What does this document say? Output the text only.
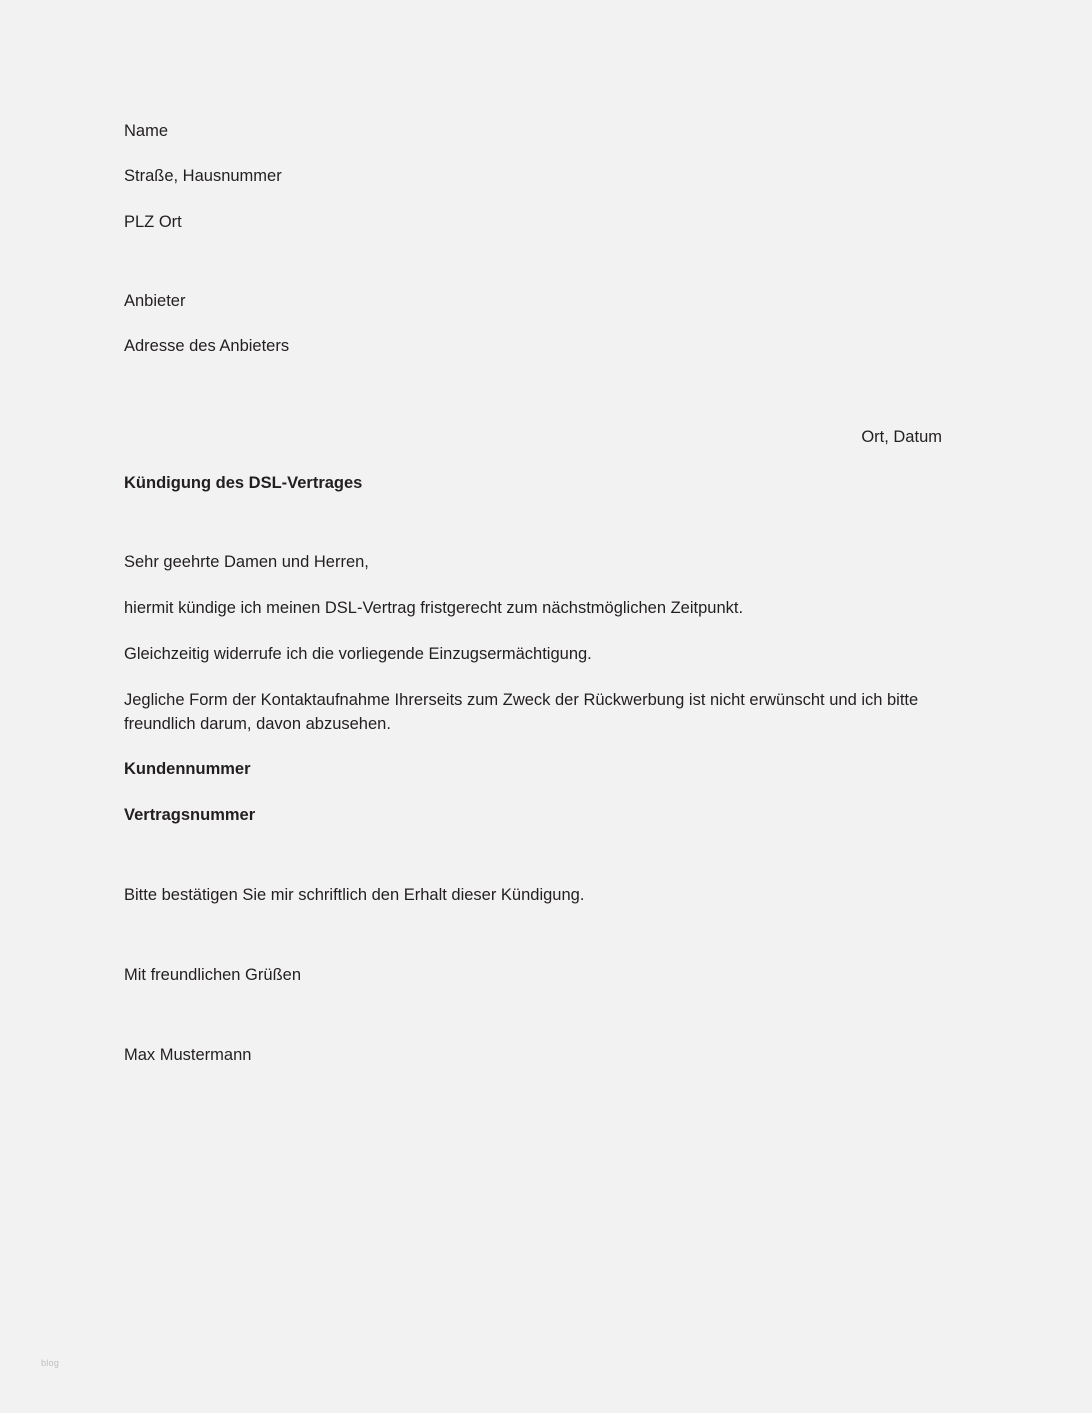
Name
Straße, Hausnummer
PLZ Ort
Anbieter
Adresse des Anbieters
Ort, Datum
Kündigung des DSL-Vertrages
Sehr geehrte Damen und Herren,
hiermit kündige ich meinen DSL-Vertrag fristgerecht zum nächstmöglichen Zeitpunkt.
Gleichzeitig widerrufe ich die vorliegende Einzugsermächtigung.
Jegliche Form der Kontaktaufnahme Ihrerseits zum Zweck der Rückwerbung ist nicht erwünscht und ich bitte freundlich darum, davon abzusehen.
Kundennummer
Vertragsnummer
Bitte bestätigen Sie mir schriftlich den Erhalt dieser Kündigung.
Mit freundlichen Grüßen
Max Mustermann
blog
